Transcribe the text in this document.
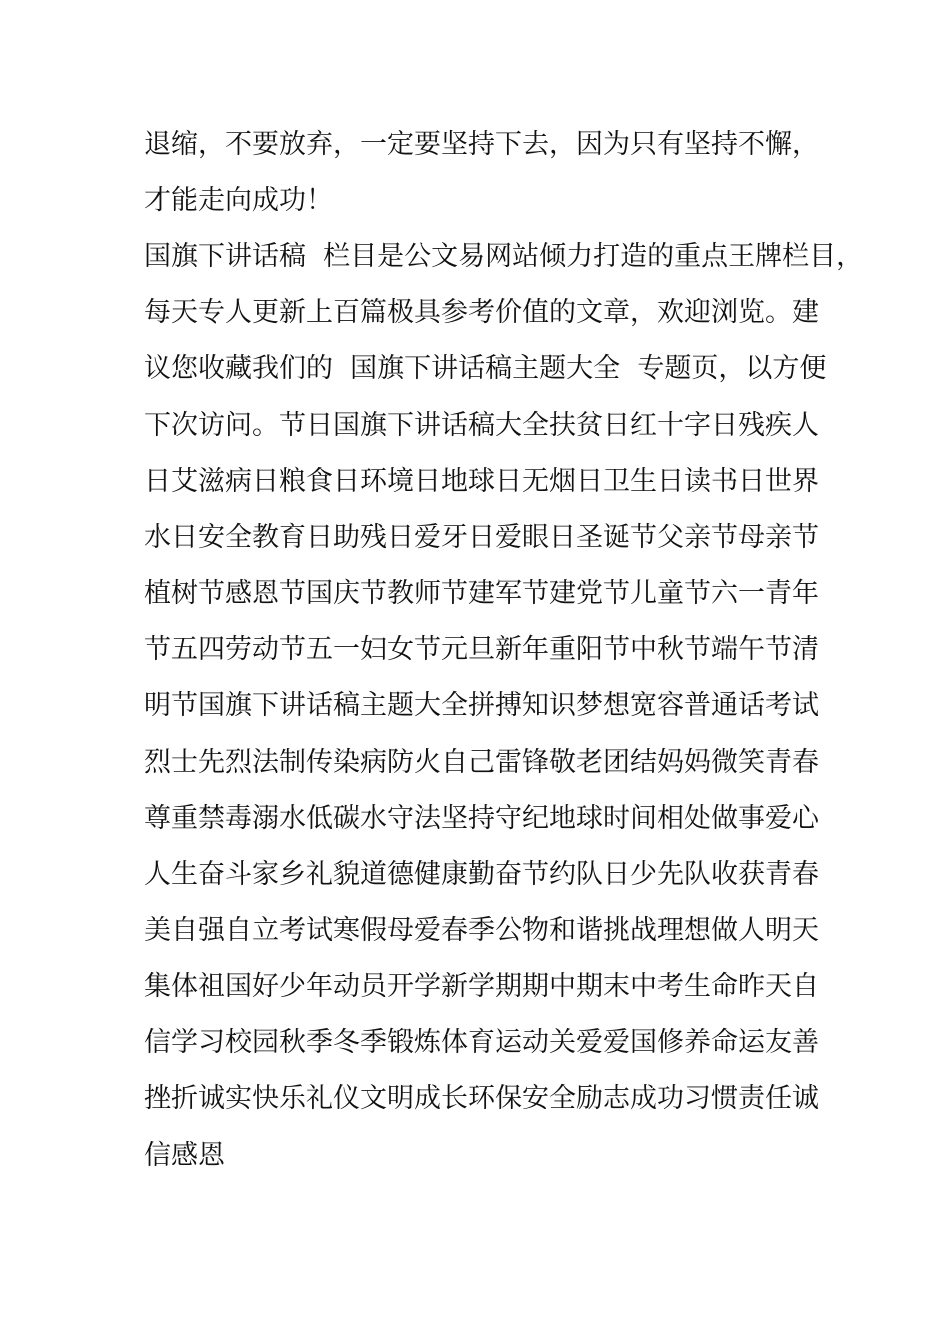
退缩，不要放弃，一定要坚持下去，因为只有坚持不懈，
才能走向成功！
国旗下讲话稿  栏目是公文易网站倾力打造的重点王牌栏目，
每天专人更新上百篇极具参考价值的文章，欢迎浏览。建
议您收藏我们的  国旗下讲话稿主题大全  专题页，以方便
下次访问。节日国旗下讲话稿大全扶贫日红十字日残疾人
日艾滋病日粮食日环境日地球日无烟日卫生日读书日世界
水日安全教育日助残日爱牙日爱眼日圣诞节父亲节母亲节
植树节感恩节国庆节教师节建军节建党节儿童节六一青年
节五四劳动节五一妇女节元旦新年重阳节中秋节端午节清
明节国旗下讲话稿主题大全拼搏知识梦想宽容普通话考试
烈士先烈法制传染病防火自己雷锋敬老团结妈妈微笑青春
尊重禁毒溺水低碳水守法坚持守纪地球时间相处做事爱心
人生奋斗家乡礼貌道德健康勤奋节约队日少先队收获青春
美自强自立考试寒假母爱春季公物和谐挑战理想做人明天
集体祖国好少年动员开学新学期期中期末中考生命昨天自
信学习校园秋季冬季锻炼体育运动关爱爱国修养命运友善
挫折诚实快乐礼仪文明成长环保安全励志成功习惯责任诚
信感恩
